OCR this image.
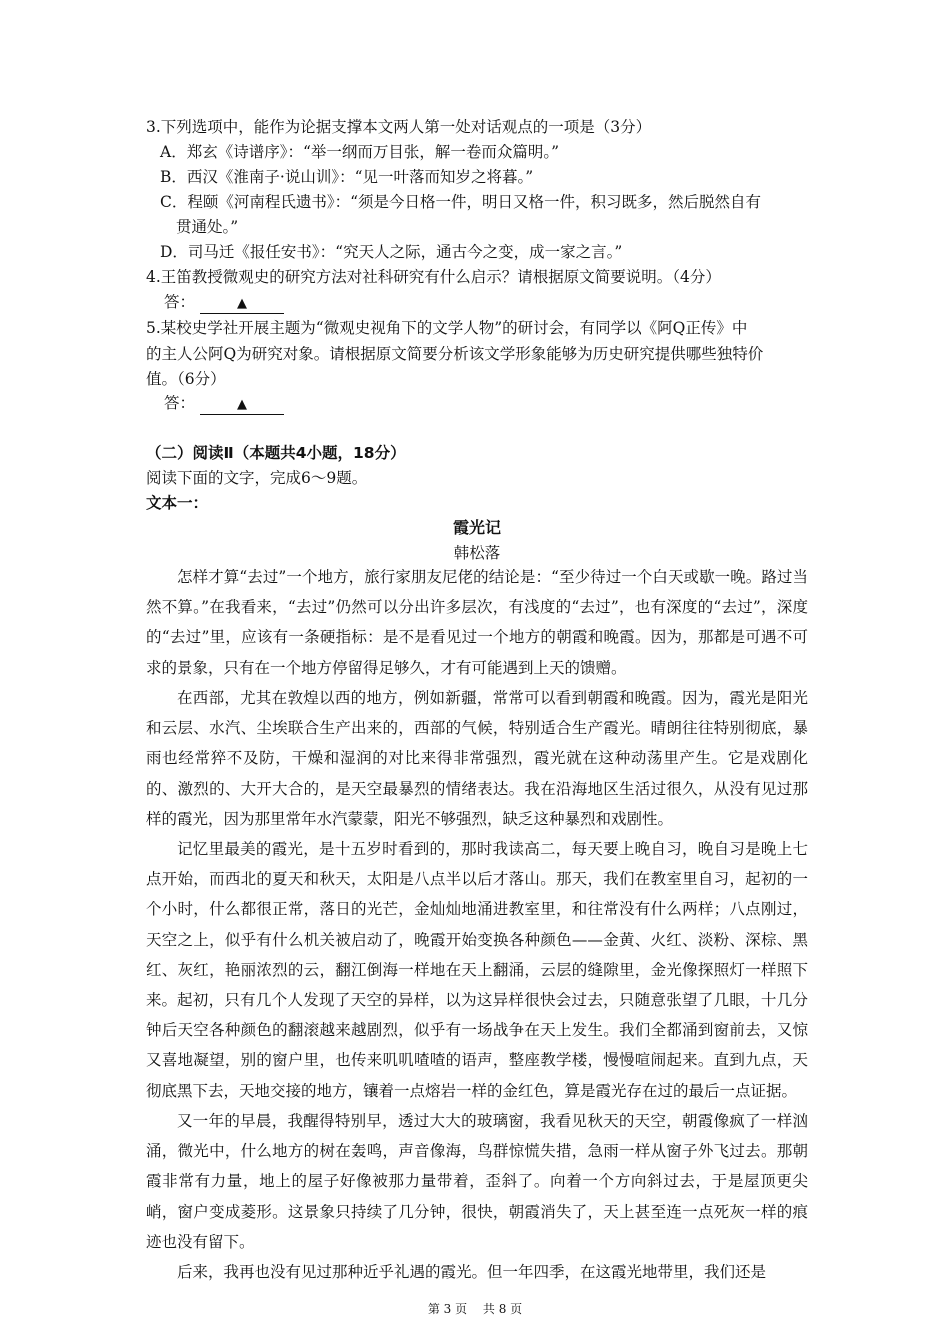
3.下列选项中，能作为论据支撑本文两人第一处对话观点的一项是（3分）
A．郑玄《诗谱序》：“举一纲而万目张，解一卷而众篇明。”
B．西汉《淮南子·说山训》：“见一叶落而知岁之将暮。”
C．程颐《河南程氏遗书》：“须是今日格一件，明日又格一件，积习既多，然后脱然自有
贯通处。”
D．司马迁《报任安书》：“究天人之际，通古今之变，成一家之言。”
4.王笛教授微观史的研究方法对社科研究有什么启示？请根据原文简要说明。（4分）
答：	▲
5.某校史学社开展主题为“微观史视角下的文学人物”的研讨会，有同学以《阿Q正传》中
的主人公阿Q为研究对象。请根据原文简要分析该文学形象能够为历史研究提供哪些独特价
值。（6分）
答：	▲
（二）阅读Ⅱ（本题共4小题，18分）
阅读下面的文字，完成6～9题。
文本一：
霞光记
韩松落

怎样才算“去过”一个地方，旅行家朋友尼佬的结论是：“至少待过一个白天或歇一晚。路过当然不算。”在我看来，“去过”仍然可以分出许多层次，有浅度的“去过”，也有深度的“去过”，深度的“去过”里，应该有一条硬指标：是不是看见过一个地方的朝霞和晚霞。因为，那都是可遇不可求的景象，只有在一个地方停留得足够久，才有可能遇到上天的馈赠。

在西部，尤其在敦煌以西的地方，例如新疆，常常可以看到朝霞和晚霞。因为，霞光是阳光和云层、水汽、尘埃联合生产出来的，西部的气候，特别适合生产霞光。晴朗往往特别彻底，暴雨也经常猝不及防，干燥和湿润的对比来得非常强烈，霞光就在这种动荡里产生。它是戏剧化的、激烈的、大开大合的，是天空最暴烈的情绪表达。我在沿海地区生活过很久，从没有见过那样的霞光，因为那里常年水汽蒙蒙，阳光不够强烈，缺乏这种暴烈和戏剧性。

记忆里最美的霞光，是十五岁时看到的，那时我读高二，每天要上晚自习，晚自习是晚上七点开始，而西北的夏天和秋天，太阳是八点半以后才落山。那天，我们在教室里自习，起初的一个小时，什么都很正常，落日的光芒，金灿灿地涌进教室里，和往常没有什么两样；八点刚过，天空之上，似乎有什么机关被启动了，晚霞开始变换各种颜色——金黄、火红、淡粉、深棕、黑红、灰红，艳丽浓烈的云，翻江倒海一样地在天上翻涌，云层的缝隙里，金光像探照灯一样照下来。 起初，只有几个人发现了天空的异样，以为这异样很快会过去，只随意张望了几眼，十几分钟后天空各种颜色的翻滚越来越剧烈，似乎有一场战争在天上发生。我们全都涌到窗前去，又惊又喜地凝望，别的窗户里，也传来叽叽喳喳的语声，整座教学楼，慢慢喧闹起来。直到九点，天彻底黑下去，天地交接的地方，镶着一点熔岩一样的金红色，算是霞光存在过的最后一点证据。

又一年的早晨，我醒得特别早，透过大大的玻璃窗，我看见秋天的天空，朝霞像疯了一样汹涌，微光中，什么地方的树在轰鸣，声音像海，鸟群惊慌失措，急雨一样从窗子外飞过去。那朝霞非常有力量，地上的屋子好像被那力量带着，歪斜了。向着一个方向斜过去，于是屋顶更尖峭，窗户变成菱形。这景象只持续了几分钟，很快，朝霞消失了，天上甚至连一点死灰一样的痕迹也没有留下。

后来，我再也没有见过那种近乎礼遇的霞光。但一年四季，在这霞光地带里，我们还是

第 3 页　 共 8 页
